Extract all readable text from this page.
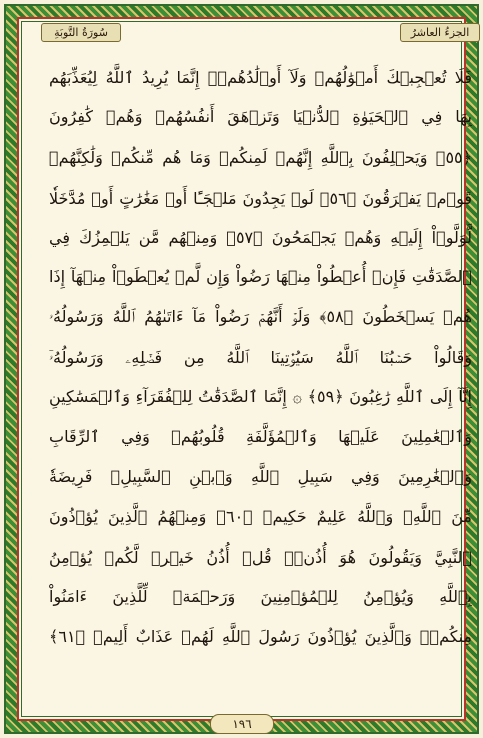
سُورَةُ التَّوبَةِ	الجزءُ العاشرُ
فَلَا تُعۡجِبۡكَ أَمۡوَٰلُهُمۡ وَلَآ أَوۡلَٰدُهُمۡۚ إِنَّمَا يُرِيدُ ٱللَّهُ لِيُعَذِّبَهُم
بِهَا فِي ٱلۡحَيَوٰةِ ٱلدُّنۡيَا وَتَزۡهَقَ أَنفُسُهُمۡ وَهُمۡ كَٰفِرُونَ
﴿٥٥﴾ وَيَحۡلِفُونَ بِٱللَّهِ إِنَّهُمۡ لَمِنكُمۡ وَمَا هُم مِّنكُمۡ وَلَٰكِنَّهُمۡ
قَوۡمٞ يَفۡرَقُونَ ﴿٥٦﴾ لَوۡ يَجِدُونَ مَلۡجَـًٔا أَوۡ مَغَٰرَٰتٍ أَوۡ مُدَّخَلٗا
لَّوَلَّوۡاْ إِلَيۡهِ وَهُمۡ يَجۡمَحُونَ ﴿٥٧﴾ وَمِنۡهُم مَّن يَلۡمِزُكَ فِي
ٱلصَّدَقَٰتِ فَإِنۡ أُعۡطُواْ مِنۡهَا رَضُواْ وَإِن لَّمۡ يُعۡطَوۡاْ مِنۡهَآ إِذَا
هُمۡ يَسۡخَطُونَ ﴿٥٨﴾ وَلَوۡ أَنَّهُمۡ رَضُواْ مَآ ءَاتَىٰهُمُ ٱللَّهُ وَرَسُولُهُۥ
وَقَالُواْ حَسۡبُنَا ٱللَّهُ سَيُؤۡتِينَا ٱللَّهُ مِن فَضۡلِهِۦ وَرَسُولُهُۥٓ
إِنَّآ إِلَى ٱللَّهِ رَٰغِبُونَ ﴿٥٩﴾ ۞ إِنَّمَا ٱلصَّدَقَٰتُ لِلۡفُقَرَآءِ وَٱلۡمَسَٰكِينِ
وَٱلۡعَٰمِلِينَ عَلَيۡهَا وَٱلۡمُؤَلَّفَةِ قُلُوبُهُمۡ وَفِي ٱلرِّقَابِ
وَٱلۡغَٰرِمِينَ وَفِي سَبِيلِ ٱللَّهِ وَٱبۡنِ ٱلسَّبِيلِۖ فَرِيضَةٗ
مِّنَ ٱللَّهِۗ وَٱللَّهُ عَلِيمٌ حَكِيمٞ ﴿٦٠﴾ وَمِنۡهُمُ ٱلَّذِينَ يُؤۡذُونَ
ٱلنَّبِيَّ وَيَقُولُونَ هُوَ أُذُنٞۚ قُلۡ أُذُنُ خَيۡرٖ لَّكُمۡ يُؤۡمِنُ
بِٱللَّهِ وَيُؤۡمِنُ لِلۡمُؤۡمِنِينَ وَرَحۡمَةٞ لِّلَّذِينَ ءَامَنُواْ
مِنكُمۡۚ وَٱلَّذِينَ يُؤۡذُونَ رَسُولَ ٱللَّهِ لَهُمۡ عَذَابٌ أَلِيمٞ ﴿٦١﴾
١٩٦
